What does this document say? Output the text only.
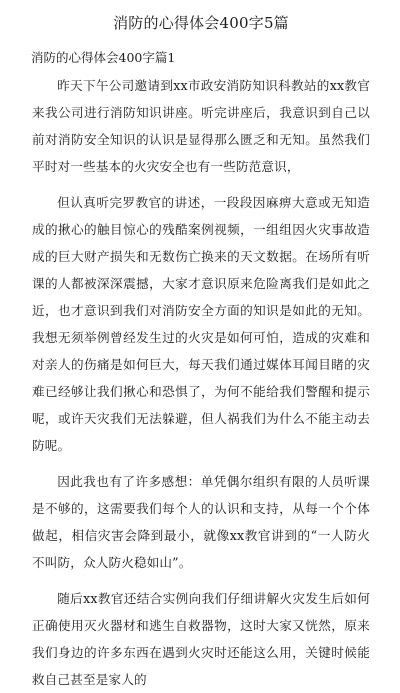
消防的心得体会400字5篇
消防的心得体会400字篇1

昨天下午公司邀请到xx市政安消防知识科教站的xx教官来我公司进行消防知识讲座。听完讲座后，我意识到自己以前对消防安全知识的认识是显得那么匮乏和无知。虽然我们平时对一些基本的火灾安全也有一些防范意识，

但认真听完罗教官的讲述，一段段因麻痹大意或无知造成的揪心的触目惊心的残酷案例视频，一组组因火灾事故造成的巨大财产损失和无数伤亡换来的天文数据。在场所有听课的人都被深深震撼，大家才意识原来危险离我们是如此之近，也才意识到我们对消防安全方面的知识是如此的无知。我想无须举例曾经发生过的火灾是如何可怕，造成的灾难和对亲人的伤痛是如何巨大，每天我们通过媒体耳闻目睹的灾难已经够让我们揪心和恐惧了，为何不能给我们警醒和提示呢，或许天灾我们无法躲避，但人祸我们为什么不能主动去防呢。

因此我也有了许多感想：单凭偶尔组织有限的人员听课是不够的，这需要我们每个人的认识和支持，从每一个个体做起，相信灾害会降到最小，就像xx教官讲到的“一人防火不叫防，众人防火稳如山”。

随后xx教官还结合实例向我们仔细讲解火灾发生后如何正确使用灭火器材和逃生自救器物，这时大家又恍然，原来我们身边的许多东西在遇到火灾时还能这么用，关键时候能救自己甚至是家人的
